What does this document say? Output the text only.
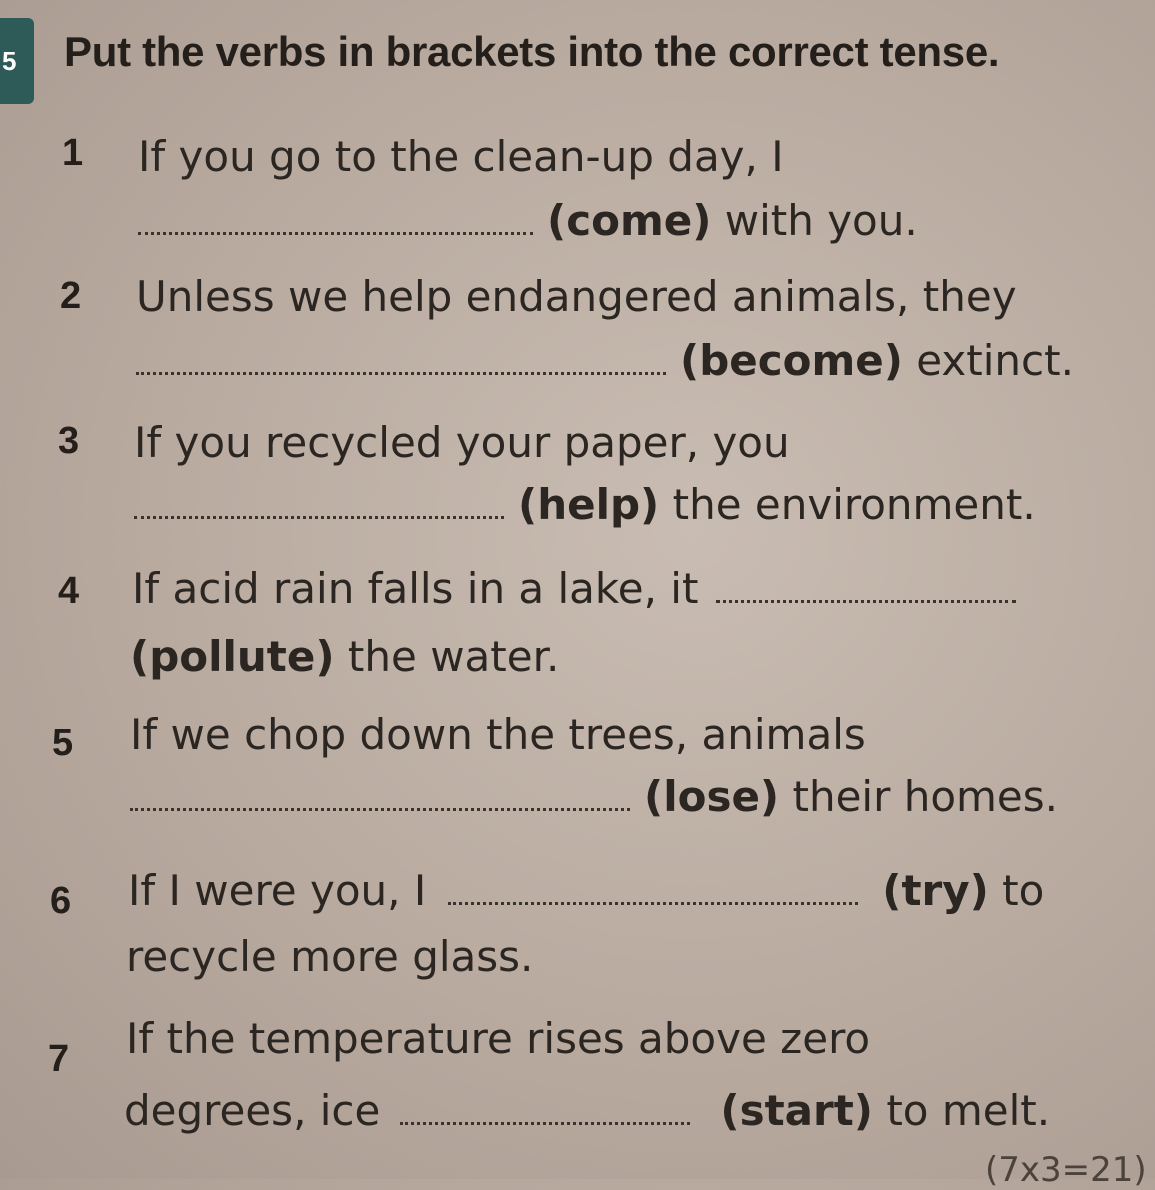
5	Put the verbs in brackets into the correct tense.
1 If you go to the clean-up day, I
(come) with you.
2 Unless we help endangered animals, they
(become) extinct.
3 If you recycled your paper, you
(help) the environment.
4 If acid rain falls in a lake, it
(pollute) the water.
5 If we chop down the trees, animals
(lose) their homes.
6 If I were you, I	(try) to
recycle more glass.
7 If the temperature rises above zero
degrees, ice	(start) to melt.
(7x3=21)
